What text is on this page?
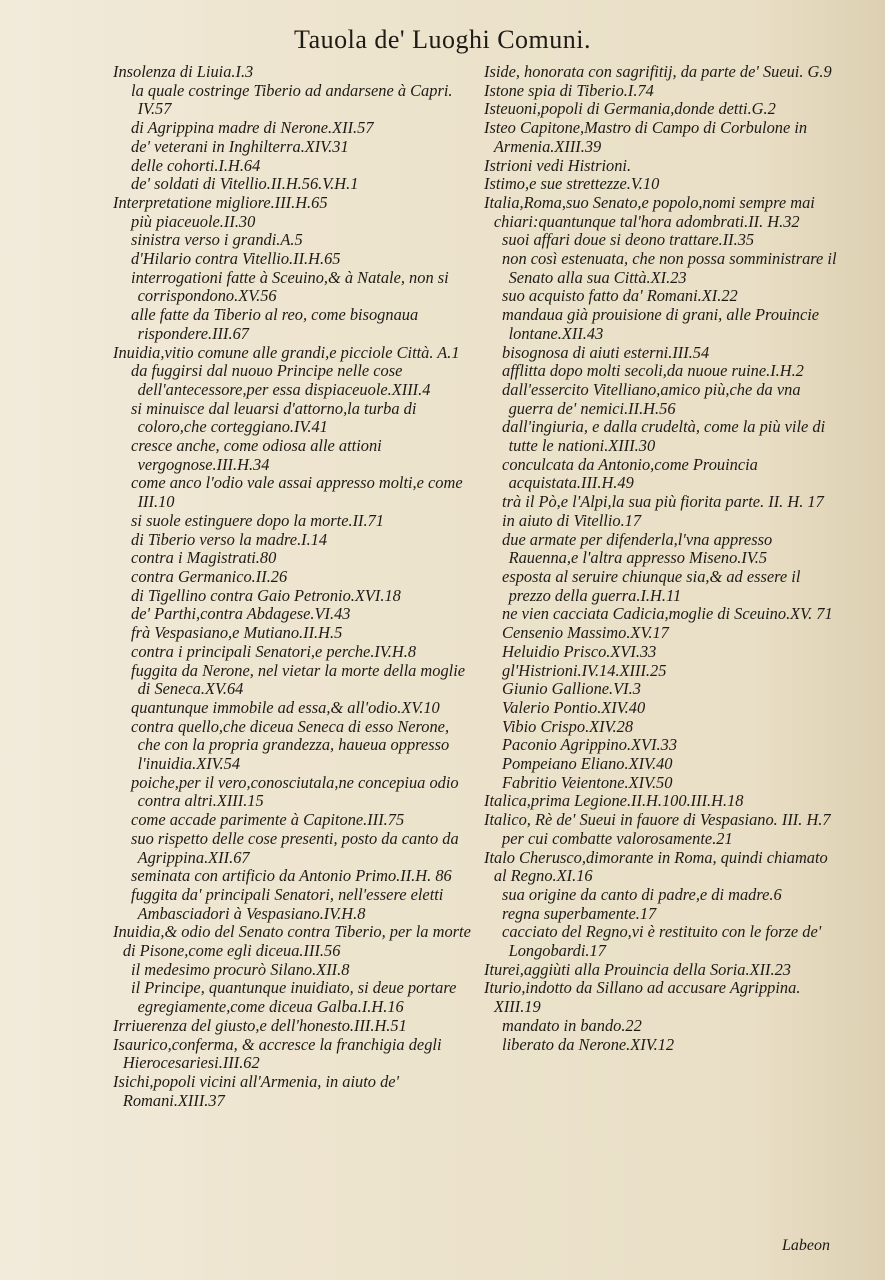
Tauola de' Luoghi Comuni.
Insolenza di Liuia.I.3
la quale costringe Tiberio ad andarsene à Capri. IV.57
di Agrippina madre di Nerone.XII.57
de' veterani in Inghilterra.XIV.31
delle cohorti.I.H.64
de' soldati di Vitellio.II.H.56.V.H.1
Interpretatione migliore.III.H.65
più piaceuole.II.30
sinistra verso i grandi.A.5
d'Hilario contra Vitellio.II.H.65
interrogationi fatte à Sceuino,& à Natale, non si corrispondono.XV.56
alle fatte da Tiberio al reo, come bisognaua rispondere.III.67
Inuidia,vitio comune alle grandi,e picciole Città. A.1
da fuggirsi dal nuouo Principe nelle cose dell'antecessore,per essa dispiaceuole.XIII.4
si minuisce dal leuarsi d'attorno,la turba di coloro,che corteggiano.IV.41
cresce anche, come odiosa alle attioni vergognose.III.H.34
come anco l'odio vale assai appresso molti,e come III.10
si suole estinguere dopo la morte.II.71
di Tiberio verso la madre.I.14
contra i Magistrati.80
contra Germanico.II.26
di Tigellino contra Gaio Petronio.XVI.18
de' Parthi,contra Abdagese.VI.43
frà Vespasiano,e Mutiano.II.H.5
contra i principali Senatori,e perche.IV.H.8
fuggita da Nerone, nel vietar la morte della moglie di Seneca.XV.64
quantunque immobile ad essa,& all'odio.XV.10
contra quello,che diceua Seneca di esso Nerone, che con la propria grandezza, haueua oppresso l'inuidia.XIV.54
poiche,per il vero,conosciutala,ne concepiua odio contra altri.XIII.15
come accade parimente à Capitone.III.75
suo rispetto delle cose presenti, posto da canto da Agrippina.XII.67
seminata con artificio da Antonio Primo.II.H. 86
fuggita da' principali Senatori, nell'essere eletti Ambasciadori à Vespasiano.IV.H.8
Inuidia,& odio del Senato contra Tiberio, per la morte di Pisone,come egli diceua.III.56
il medesimo procurò Silano.XII.8
il Principe, quantunque inuidiato, si deue portare egregiamente,come diceua Galba.I.H.16
Irriuerenza del giusto,e dell'honesto.III.H.51
Isaurico,conferma, & accresce la franchigia degli Hierocesariesi.III.62
Isichi,popoli vicini all'Armenia, in aiuto de' Romani.XIII.37
Iside, honorata con sagrifitij, da parte de' Sueui. G.9
Istone spia di Tiberio.I.74
Isteuoni,popoli di Germania,donde detti.G.2
Isteo Capitone,Mastro di Campo di Corbulone in Armenia.XIII.39
Istrioni vedi Histrioni.
Istimo,e sue strettezze.V.10
Italia,Roma,suo Senato,e popolo,nomi sempre mai chiari:quantunque tal'hora adombrati.II. H.32
suoi affari doue si deono trattare.II.35
non così estenuata, che non possa somministrare il Senato alla sua Città.XI.23
suo acquisto fatto da' Romani.XI.22
mandaua già prouisione di grani, alle Prouincie lontane.XII.43
bisognosa di aiuti esterni.III.54
afflitta dopo molti secoli,da nuoue ruine.I.H.2
dall'essercito Vitelliano,amico più,che da vna guerra de' nemici.II.H.56
dall'ingiuria, e dalla crudeltà, come la più vile di tutte le nationi.XIII.30
conculcata da Antonio,come Prouincia acquistata.III.H.49
trà il Pò,e l'Alpi,la sua più fiorita parte. II. H. 17
in aiuto di Vitellio.17
due armate per difenderla,l'vna appresso Rauenna,e l'altra appresso Miseno.IV.5
esposta al seruire chiunque sia,& ad essere il prezzo della guerra.I.H.11
ne vien cacciata Cadicia,moglie di Sceuino.XV. 71
Censenio Massimo.XV.17
Heluidio Prisco.XVI.33
gl'Histrioni.IV.14.XIII.25
Giunio Gallione.VI.3
Valerio Pontio.XIV.40
Vibio Crispo.XIV.28
Paconio Agrippino.XVI.33
Pompeiano Eliano.XIV.40
Fabritio Veientone.XIV.50
Italica,prima Legione.II.H.100.III.H.18
Italico, Rè de' Sueui in fauore di Vespasiano. III. H.7
per cui combatte valorosamente.21
Italo Cherusco,dimorante in Roma, quindi chiamato al Regno.XI.16
sua origine da canto di padre,e di madre.6
regna superbamente.17
cacciato del Regno,vi è restituito con le forze de' Longobardi.17
Iturei,aggiùti alla Prouincia della Soria.XII.23
Iturio,indotto da Sillano ad accusare Agrippina. XIII.19
mandato in bando.22
liberato da Nerone.XIV.12
Labeon
